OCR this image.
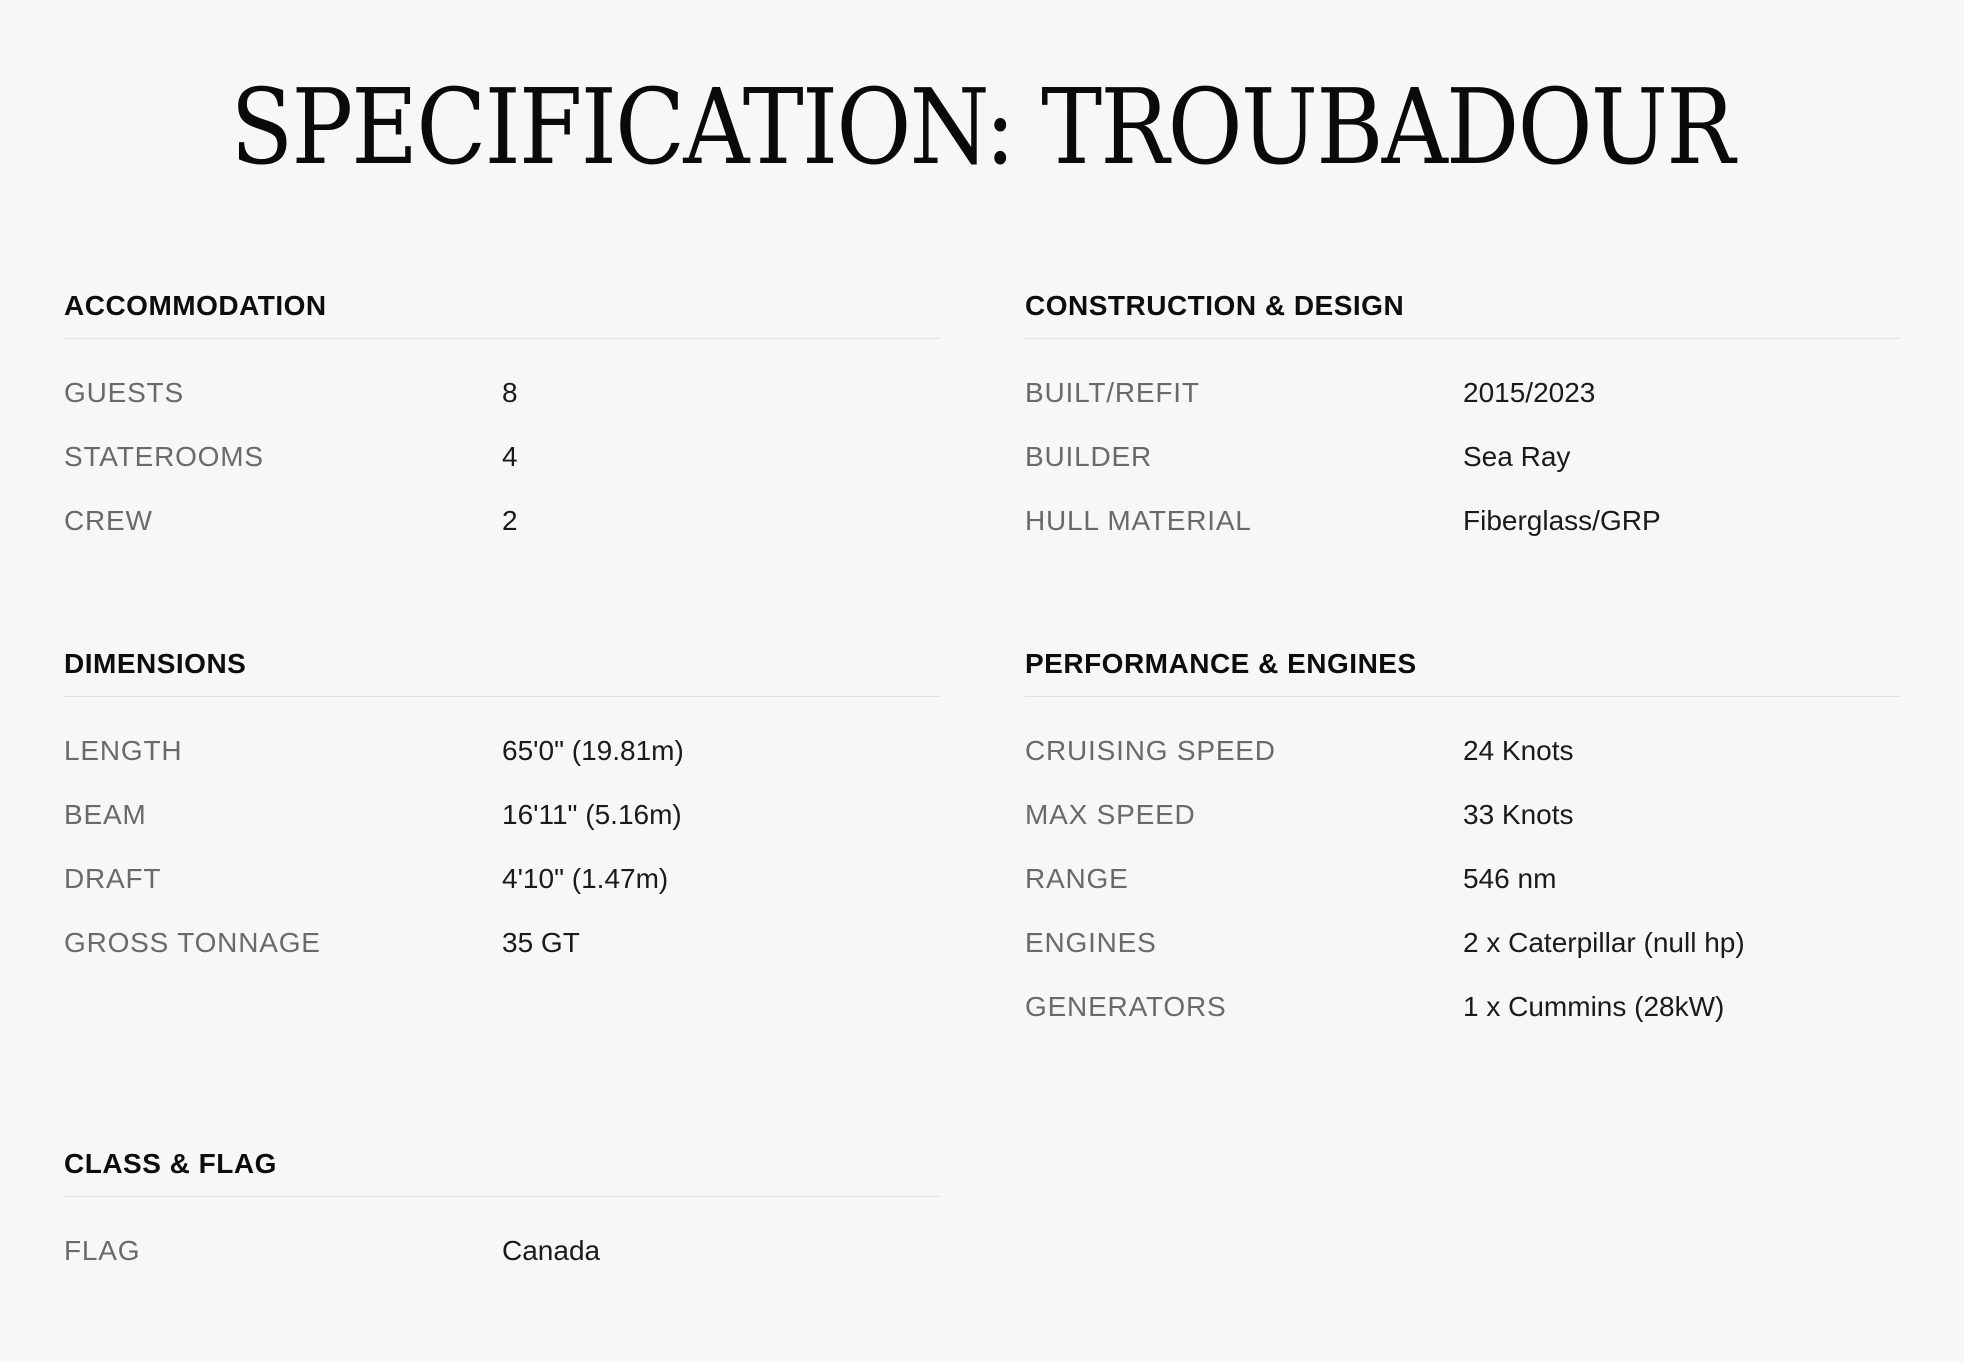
SPECIFICATION: TROUBADOUR
ACCOMMODATION
GUESTS	8
STATEROOMS	4
CREW	2
CONSTRUCTION & DESIGN
BUILT/REFIT	2015/2023
BUILDER	Sea Ray
HULL MATERIAL	Fiberglass/GRP
DIMENSIONS
LENGTH	65'0" (19.81m)
BEAM	16'11" (5.16m)
DRAFT	4'10" (1.47m)
GROSS TONNAGE	35 GT
PERFORMANCE & ENGINES
CRUISING SPEED	24 Knots
MAX SPEED	33 Knots
RANGE	546 nm
ENGINES	2 x Caterpillar (null hp)
GENERATORS	1 x Cummins (28kW)
CLASS & FLAG
FLAG	Canada
